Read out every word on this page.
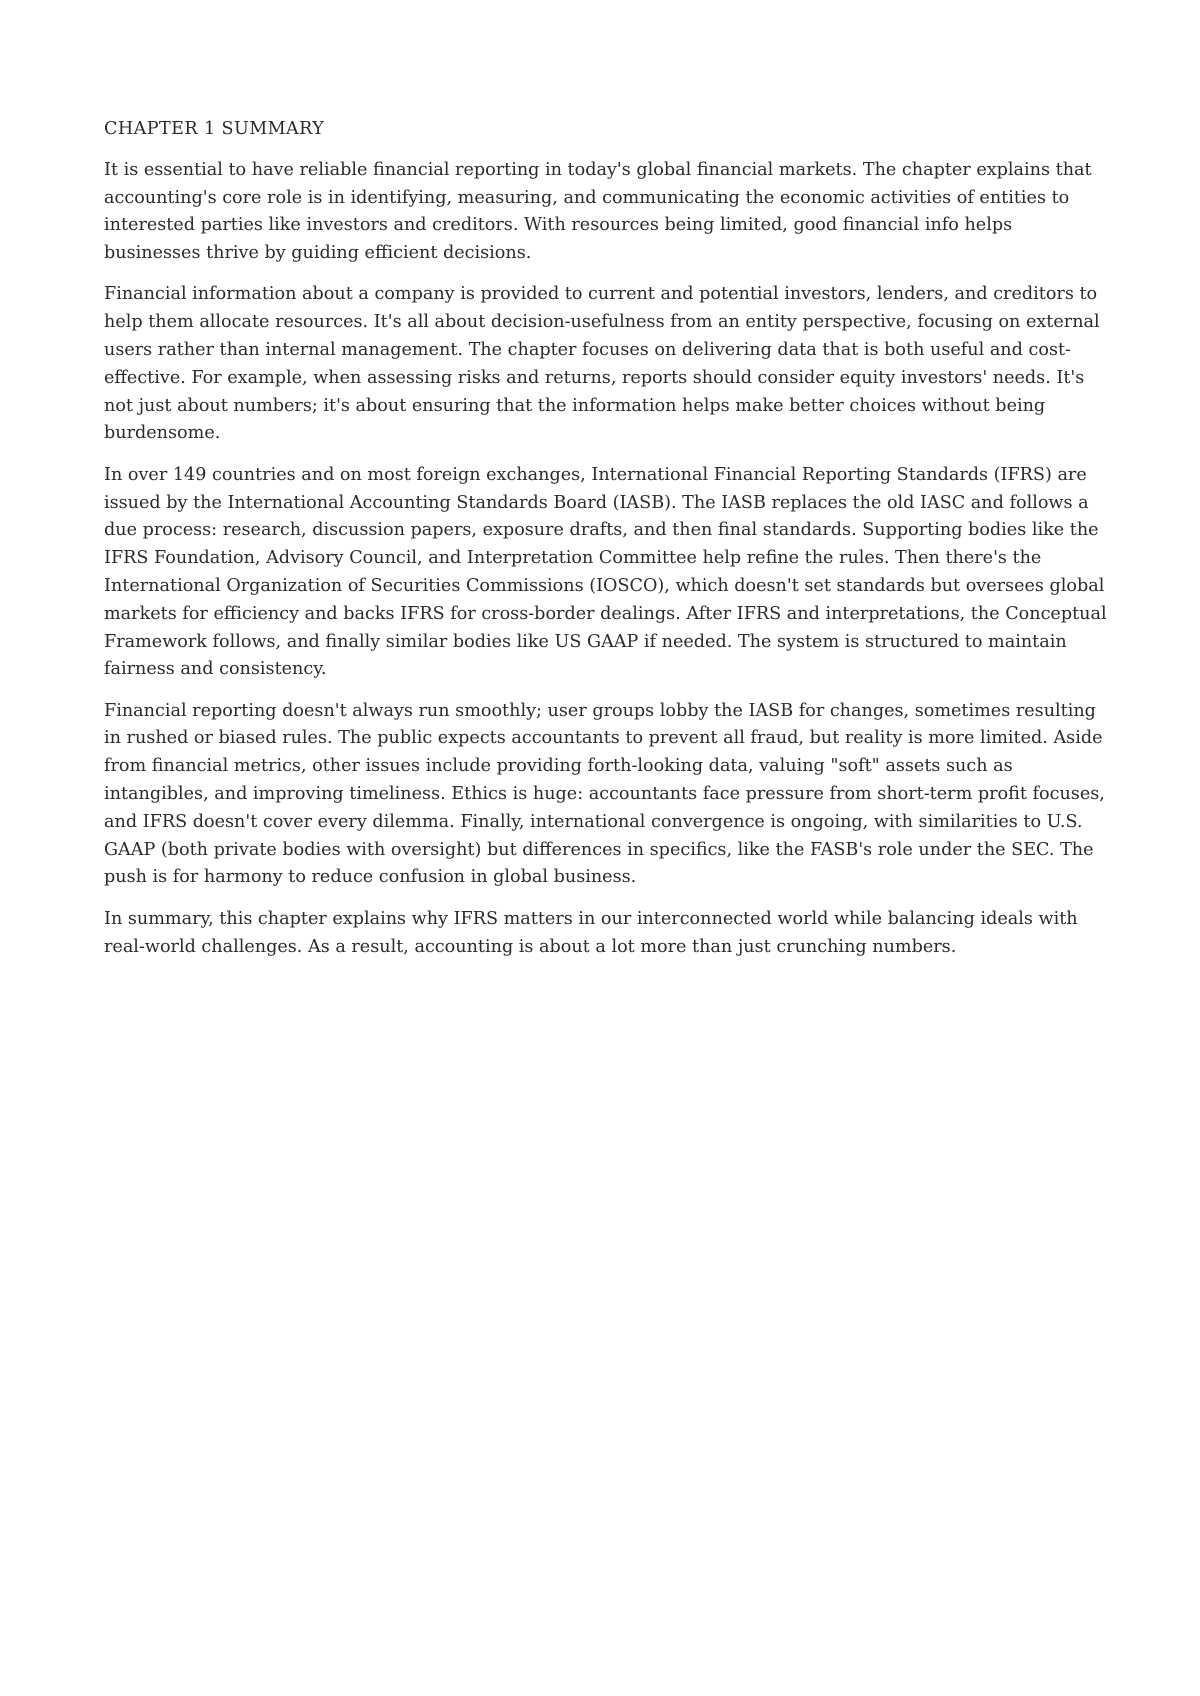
CHAPTER 1 SUMMARY

It is essential to have reliable financial reporting in today's global financial markets. The chapter explains that accounting's core role is in identifying, measuring, and communicating the economic activities of entities to interested parties like investors and creditors. With resources being limited, good financial info helps businesses thrive by guiding efficient decisions.

Financial information about a company is provided to current and potential investors, lenders, and creditors to help them allocate resources. It's all about decision-usefulness from an entity perspective, focusing on external users rather than internal management. The chapter focuses on delivering data that is both useful and cost-effective. For example, when assessing risks and returns, reports should consider equity investors' needs. It's not just about numbers; it's about ensuring that the information helps make better choices without being burdensome.

In over 149 countries and on most foreign exchanges, International Financial Reporting Standards (IFRS) are issued by the International Accounting Standards Board (IASB). The IASB replaces the old IASC and follows a due process: research, discussion papers, exposure drafts, and then final standards. Supporting bodies like the IFRS Foundation, Advisory Council, and Interpretation Committee help refine the rules. Then there's the International Organization of Securities Commissions (IOSCO), which doesn't set standards but oversees global markets for efficiency and backs IFRS for cross-border dealings. After IFRS and interpretations, the Conceptual Framework follows, and finally similar bodies like US GAAP if needed. The system is structured to maintain fairness and consistency.

Financial reporting doesn't always run smoothly; user groups lobby the IASB for changes, sometimes resulting in rushed or biased rules. The public expects accountants to prevent all fraud, but reality is more limited. Aside from financial metrics, other issues include providing forth-looking data, valuing "soft" assets such as intangibles, and improving timeliness. Ethics is huge: accountants face pressure from short-term profit focuses, and IFRS doesn't cover every dilemma. Finally, international convergence is ongoing, with similarities to U.S. GAAP (both private bodies with oversight) but differences in specifics, like the FASB's role under the SEC. The push is for harmony to reduce confusion in global business.

In summary, this chapter explains why IFRS matters in our interconnected world while balancing ideals with real-world challenges. As a result, accounting is about a lot more than just crunching numbers.
